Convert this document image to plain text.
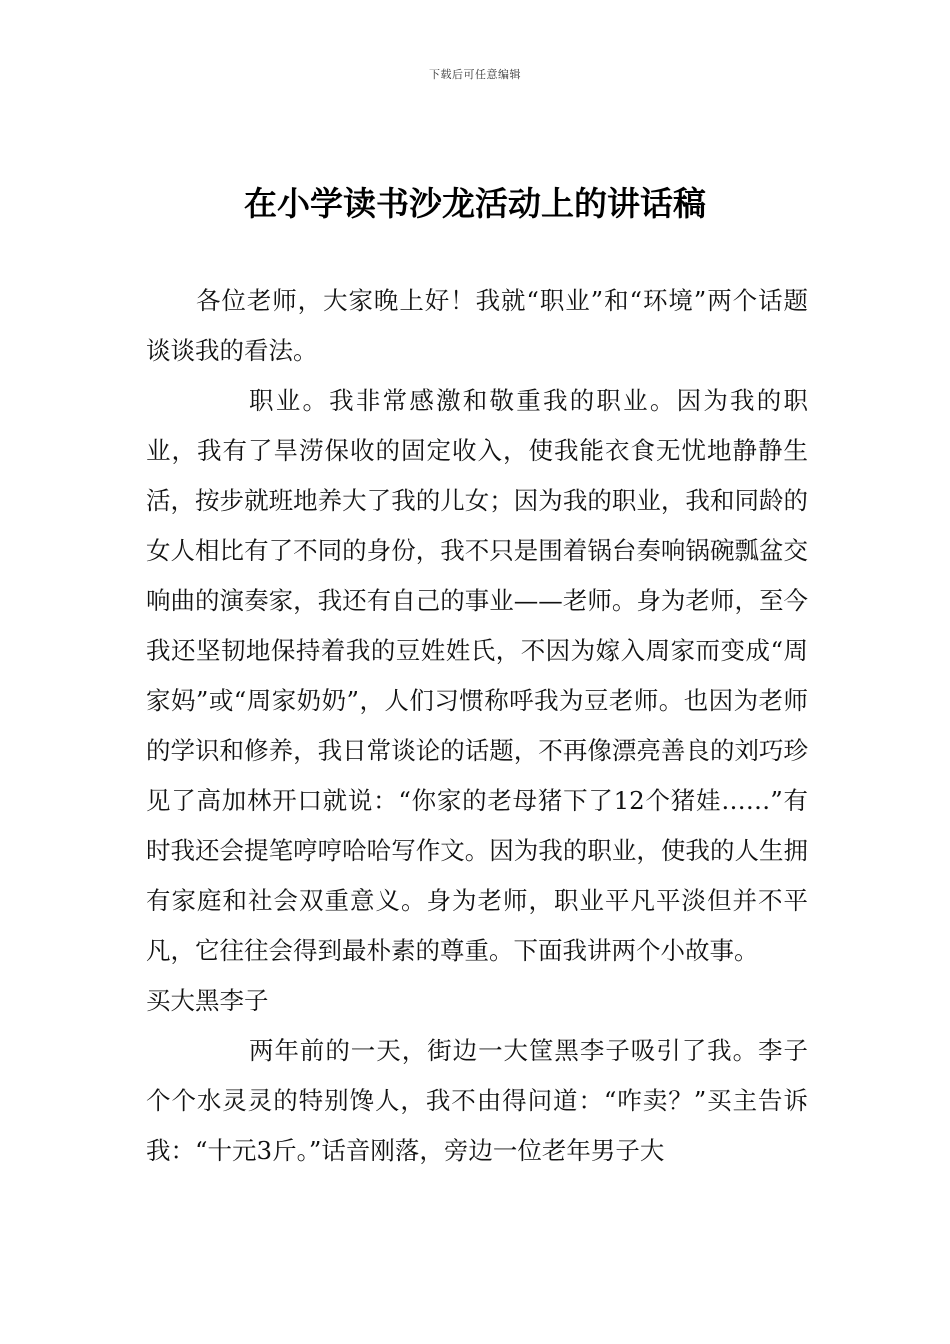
下载后可任意编辑
在小学读书沙龙活动上的讲话稿

各位老师，大家晚上好！我就“职业”和“环境”两个话题谈谈我的看法。

职业。我非常感激和敬重我的职业。因为我的职业，我有了旱涝保收的固定收入，使我能衣食无忧地静静生活，按步就班地养大了我的儿女；因为我的职业，我和同龄的女人相比有了不同的身份，我不只是围着锅台奏响锅碗瓢盆交响曲的演奏家，我还有自己的事业——老师。身为老师，至今我还坚韧地保持着我的豆姓姓氏，不因为嫁入周家而变成“周家妈”或“周家奶奶”，人们习惯称呼我为豆老师。也因为老师的学识和修养，我日常谈论的话题，不再像漂亮善良的刘巧珍见了高加林开口就说：“你家的老母猪下了12个猪娃……”有时我还会提笔哼哼哈哈写作文。因为我的职业，使我的人生拥有家庭和社会双重意义。身为老师，职业平凡平淡但并不平凡，它往往会得到最朴素的尊重。下面我讲两个小故事。

买大黑李子

两年前的一天，街边一大筐黑李子吸引了我。李子个个水灵灵的特别馋人，我不由得问道：“咋卖？”买主告诉我：“十元3斤。”话音刚落，旁边一位老年男子大
